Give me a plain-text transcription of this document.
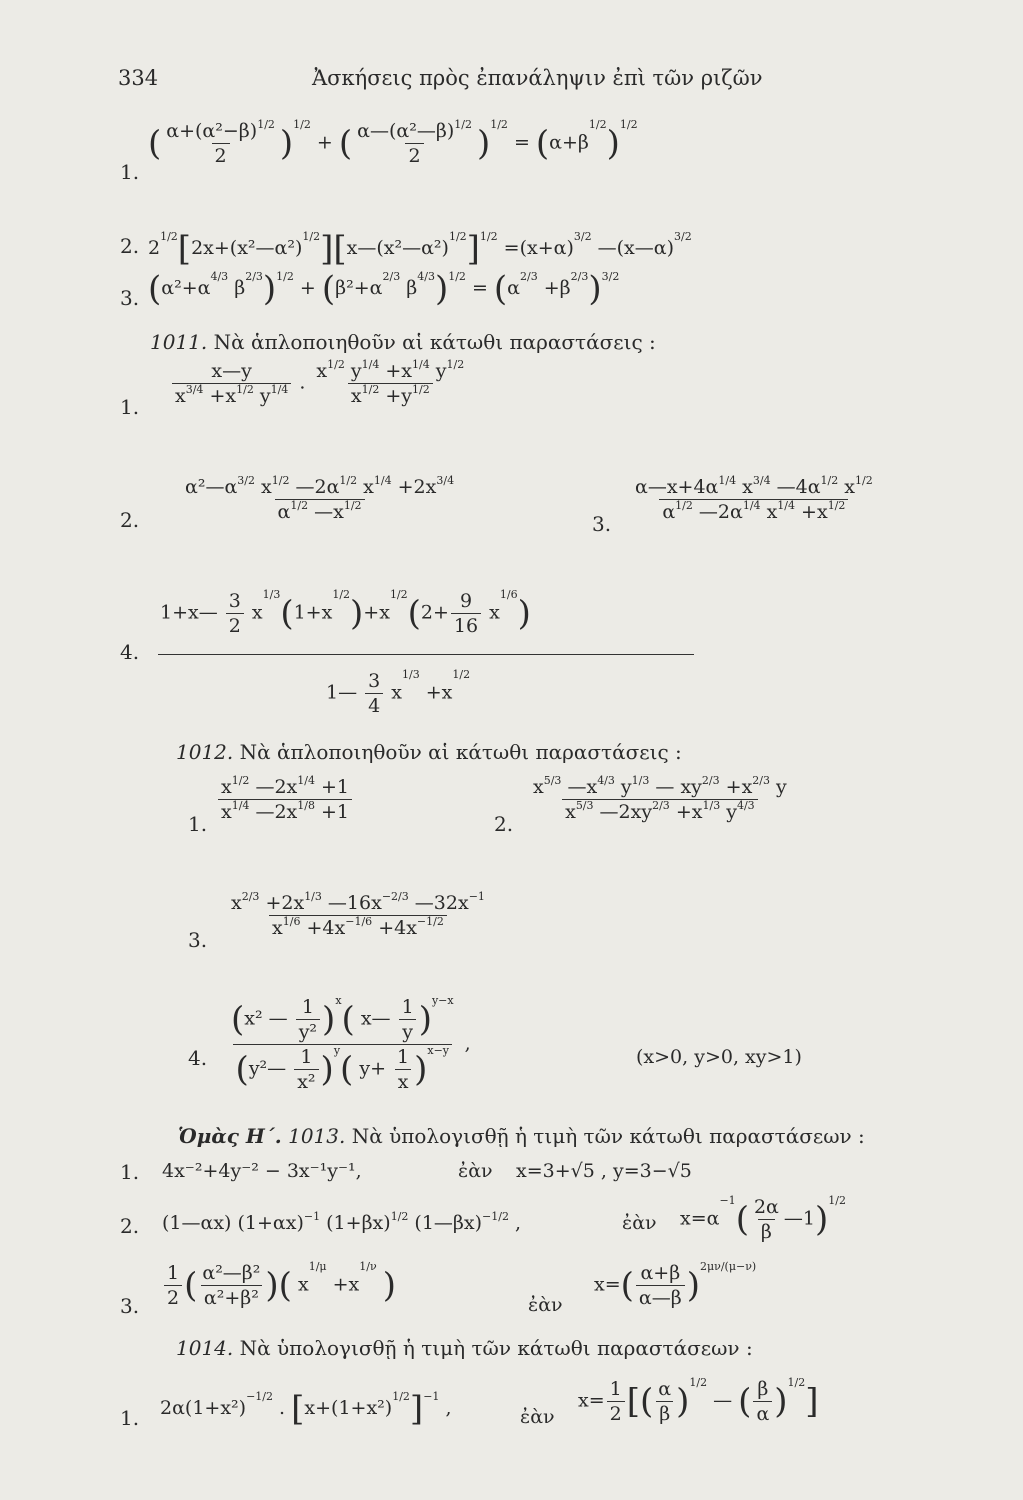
334	Ἀσκήσεις πρὸς ἐπανάληψιν ἐπὶ τῶν ριζῶν
1.
( $\frac{\alpha+(\alpha^2-\beta)^{1/2}}{2} )^{1/2}$ + ( $\frac{\alpha—(\alpha^2—\beta)^{1/2}}{2} )^{1/2} = (\alpha+\beta^{1/2})^{1/2}$
2. $2^{1/2}[2x+(x^2—\alpha^2)^{1/2}][x—(x^2—\alpha^2)^{1/2}]^{1/2} =(x+\alpha)^{3/2}$ —(x—α)$^{3/2}$
3. ($\alpha^2+\alpha^{4/3}$ $\beta^{2/3})^{1/2} + (\beta^2+\alpha^{2/3}$ $\beta^{4/3})^{1/2} = (\alpha^{2/3} +\beta^{2/3})^{3/2}$
1011. Νὰ ἁπλοποιηθοῦν αἱ κάτωθι παραστάσεις :
1. $\frac{x—y}{x^{3/4} +x^{1/2} y^{1/4}}$ . $\frac{x^{1/2} y^{1/4} +x^{1/4} y^{1/2}}{x^{1/2} +y^{1/2}}$
2. $\frac{\alpha^2—\alpha^{3/2} x^{1/2} —2\alpha^{1/2} x^{1/4} +2x^{3/4}}{\alpha^{1/2} —x^{1/2}}$
3.
$\frac{\alpha—x+4\alpha^{1/4} x^{3/4} —4\alpha^{1/2} x^{1/2}}{\alpha^{1/2} —2\alpha^{1/4} x^{1/4} +x^{1/2}}$
4.
1+x— $\frac{3}{2} x^{1/3}(1+x^{1/2})+x^{1/2}(2+ \frac{9}{16} x^{1/6})$
1— $\frac{3}{4} x^{1/3} +x^{1/2}$
1012. Νὰ ἁπλοποιηθοῦν αἱ κάτωθι παραστάσεις :
1.
$\frac{x^{1/2} —2x^{1/4} +1}{x^{1/4} —2x^{1/8} +1}$
2.
$\frac{x^{5/3} —x^{4/3} y^{1/3} — xy^{2/3} +x^{2/3} y}{x^{5/3} —2xy^{2/3} +x^{1/3} y^{4/3}}$
3.
$\frac{x^{2/3} +2x^{1/3} —16x^{-2/3} —32x^{-1}}{x^{1/6} +4x^{-1/6} +4x^{-1/2}}$
4. $\frac{(x^2 — \frac{1}{\text{y²}} )^x( x— \frac{1}{y} )^{y-x}}{(y^2— \frac{1}{\text{x²}} )^y( y+ \frac{1}{x} )^{x-y}}$ ,
(x>0, y>0, xy>1)
Ὁμὰς Η΄. 1013. Νὰ ὑπολογισθῇ ἡ τιμὴ τῶν κάτωθι παραστάσεων :
1. 4x⁻²+4y⁻² − 3x⁻¹y⁻¹,	ἐὰν x=3+√5 , y=3−√5
2. (1—αx) $(1+\alpha x)^{-1}$ $(1+\beta x)^{1/2}$ (1—βx)$^{-1/2}$ ,	ἐὰν $x=\alpha^{-1}( \frac{2\alpha}{\beta}$ —1)$^{1/2}$
3. $\frac{1}{2}$ ( $\frac{\text{α²—β²}}{\text{α²+β²}}$ )( $x^{1/\mu} +x^{1/\nu}$ )	ἐὰν
$x=( \frac{\alpha+\beta}{\alpha—\beta} )^{2\mu\nu/(\mu-\nu)}$
1014. Νὰ ὑπολογισθῇ ἡ τιμὴ τῶν κάτωθι παραστάσεων :
1. $2\alpha(1+x^2)^{-1/2}$ . $[x+(1+x^2)^{1/2}]^{-1}$ ,	ἐὰν
$x= \frac{1}{2}$ [( $\frac{\alpha}{\beta} )^{1/2}$ — ( $\frac{\beta}{\alpha} )^{1/2}$]
